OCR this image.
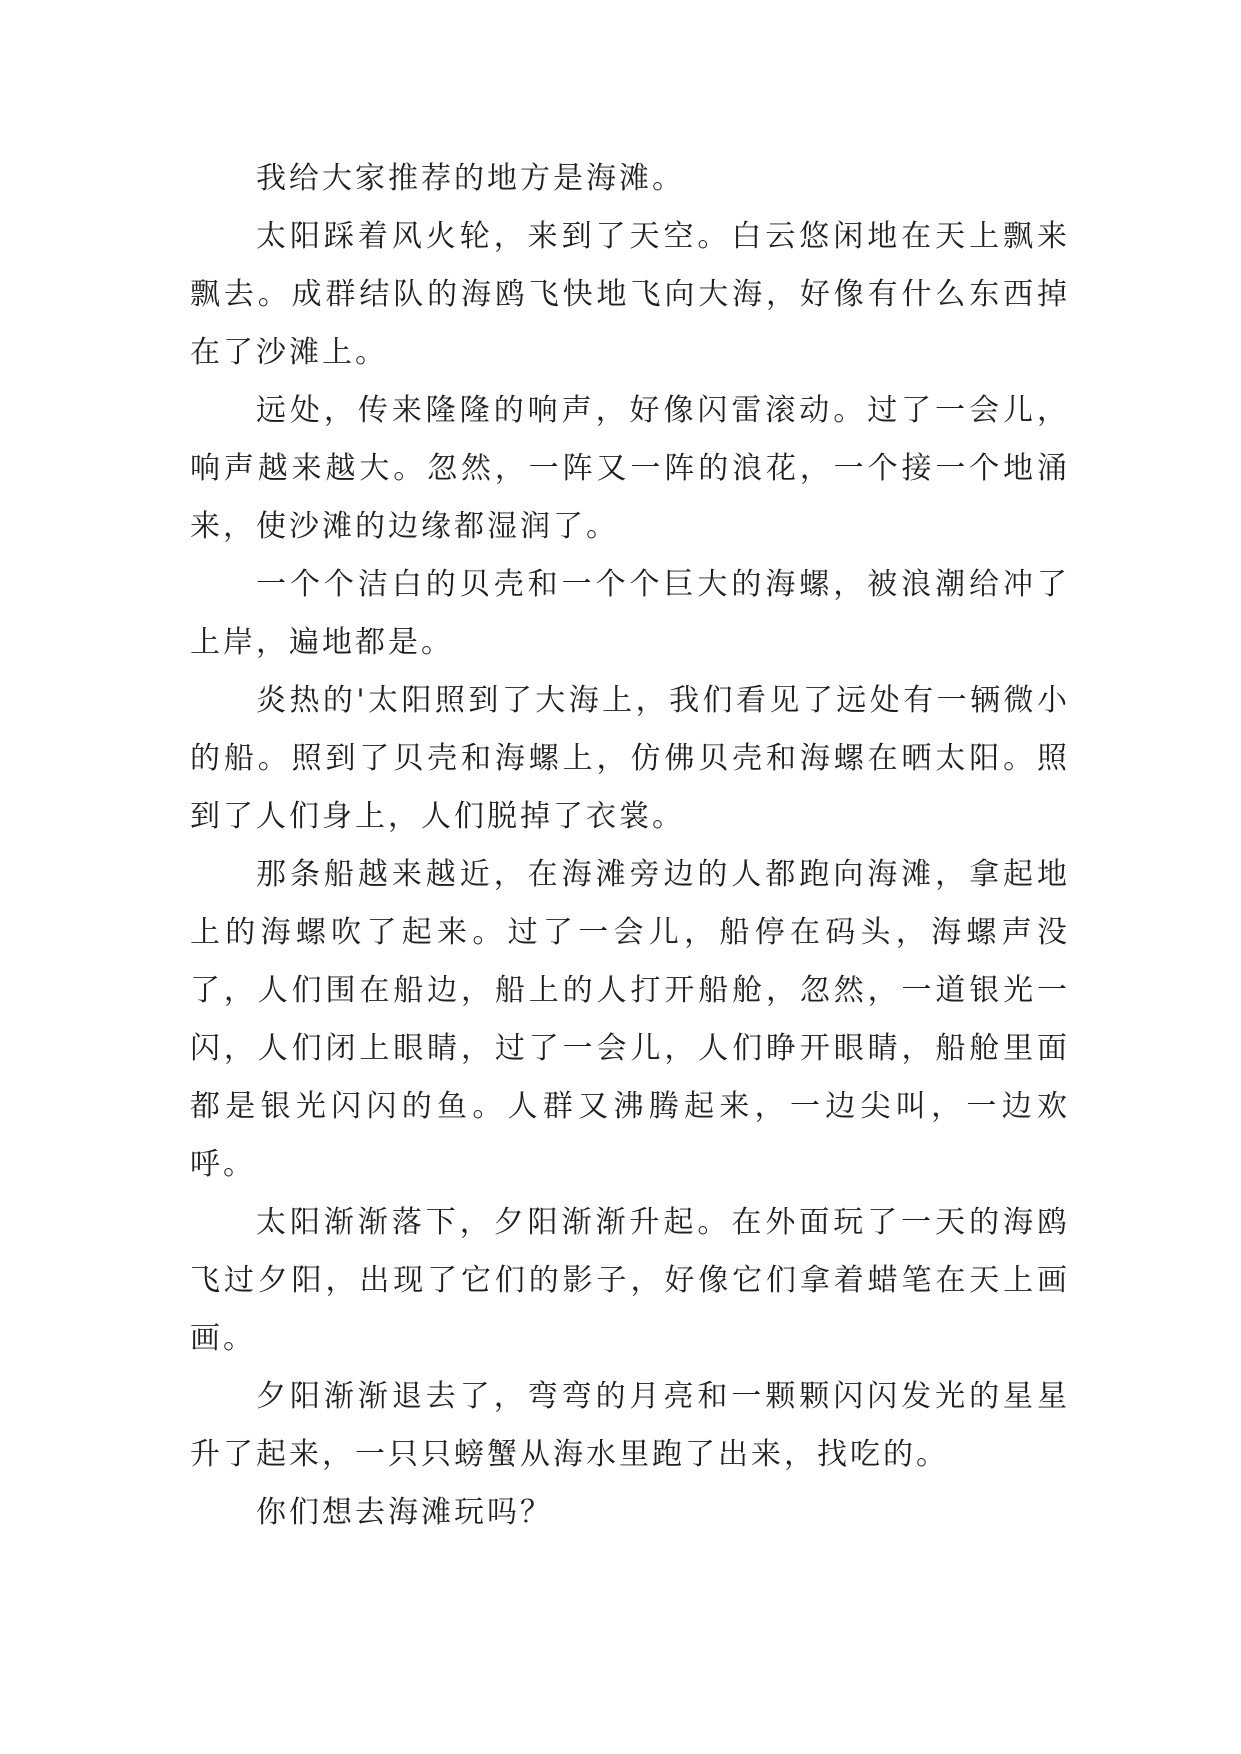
我给大家推荐的地方是海滩。

太阳踩着风火轮，来到了天空。白云悠闲地在天上飘来飘去。成群结队的海鸥飞快地飞向大海，好像有什么东西掉在了沙滩上。

远处，传来隆隆的响声，好像闪雷滚动。过了一会儿，响声越来越大。忽然，一阵又一阵的浪花，一个接一个地涌来，使沙滩的边缘都湿润了。

一个个洁白的贝壳和一个个巨大的海螺，被浪潮给冲了上岸，遍地都是。

炎热的'太阳照到了大海上，我们看见了远处有一辆微小的船。照到了贝壳和海螺上，仿佛贝壳和海螺在晒太阳。照到了人们身上，人们脱掉了衣裳。

那条船越来越近，在海滩旁边的人都跑向海滩，拿起地上的海螺吹了起来。过了一会儿，船停在码头，海螺声没了，人们围在船边，船上的人打开船舱，忽然，一道银光一闪，人们闭上眼睛，过了一会儿，人们睁开眼睛，船舱里面都是银光闪闪的鱼。人群又沸腾起来，一边尖叫，一边欢呼。

太阳渐渐落下，夕阳渐渐升起。在外面玩了一天的海鸥飞过夕阳，出现了它们的影子，好像它们拿着蜡笔在天上画画。

夕阳渐渐退去了，弯弯的月亮和一颗颗闪闪发光的星星升了起来，一只只螃蟹从海水里跑了出来，找吃的。

你们想去海滩玩吗？
